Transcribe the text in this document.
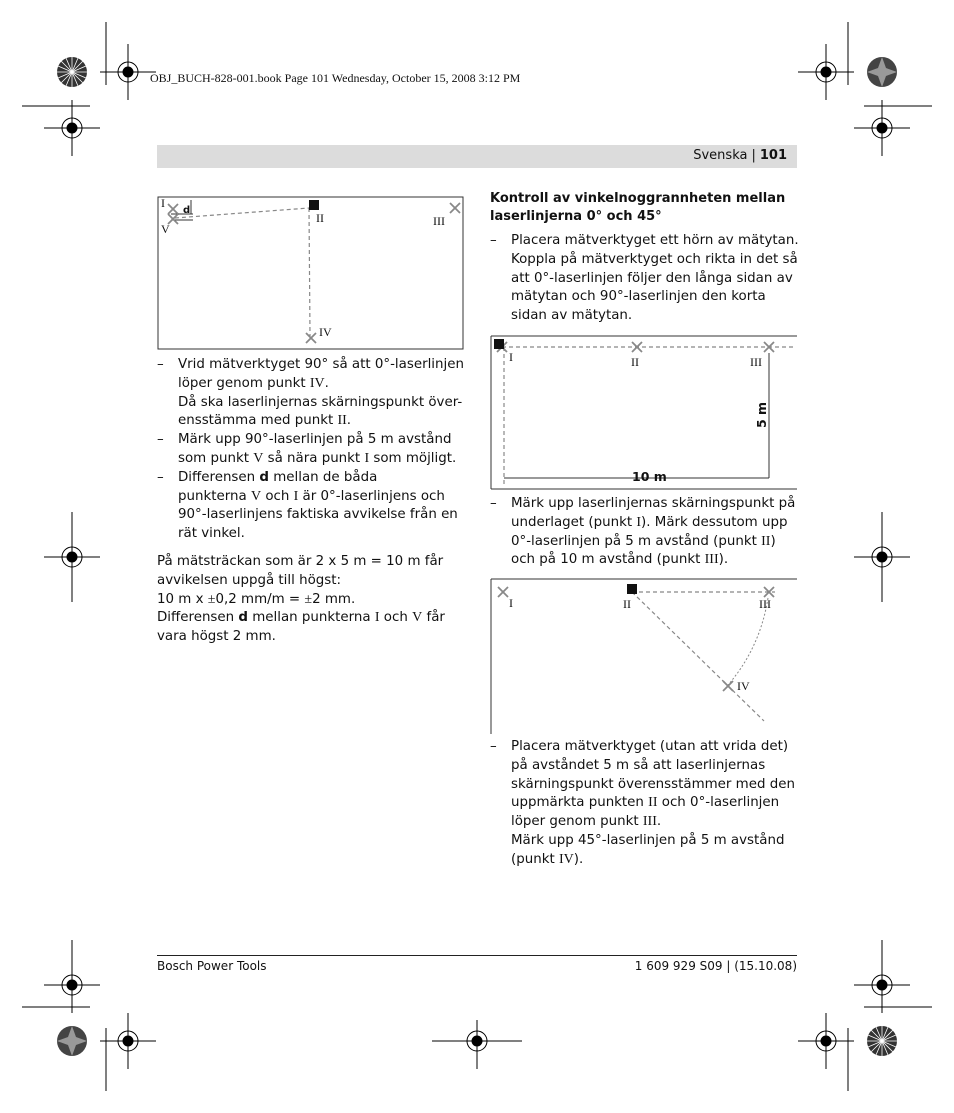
OBJ_BUCH-828-001.book Page 101 Wednesday, October 15, 2008 3:12 PM
Svenska | 101
I
d
V
II	III
IV
– Vrid mätverktyget 90° så att 0°-laserlinjen
löper genom punkt IV.
Då ska laserlinjernas skärningspunkt över-
ensstämma med punkt II.
– Märk upp 90°-laserlinjen på 5 m avstånd
som punkt V så nära punkt I som möjligt.
– Differensen d mellan de båda
punkterna V och I är 0°-laserlinjens och
90°-laserlinjens faktiska avvikelse från en
rät vinkel.
På mätsträckan som är 2 x 5 m = 10 m får
avvikelsen uppgå till högst:
10 m x ±0,2 mm/m = ±2 mm.
Differensen d mellan punkterna I och V får
vara högst 2 mm.
Kontroll av vinkelnoggrannheten mellan
laserlinjerna 0° och 45°
– Placera mätverktyget ett hörn av mätytan.
Koppla på mätverktyget och rikta in det så
att 0°-laserlinjen följer den långa sidan av
mätytan och 90°-laserlinjen den korta
sidan av mätytan.
I	II	III
5 m
10 m
– Märk upp laserlinjernas skärningspunkt på
underlaget (punkt I). Märk dessutom upp
0°-laserlinjen på 5 m avstånd (punkt II)
och på 10 m avstånd (punkt III).
I	II	III
IV
– Placera mätverktyget (utan att vrida det)
på avståndet 5 m så att laserlinjernas
skärningspunkt överensstämmer med den
uppmärkta punkten II och 0°-laserlinjen
löper genom punkt III.
Märk upp 45°-laserlinjen på 5 m avstånd
(punkt IV).
Bosch Power Tools	1 609 929 S09 | (15.10.08)
